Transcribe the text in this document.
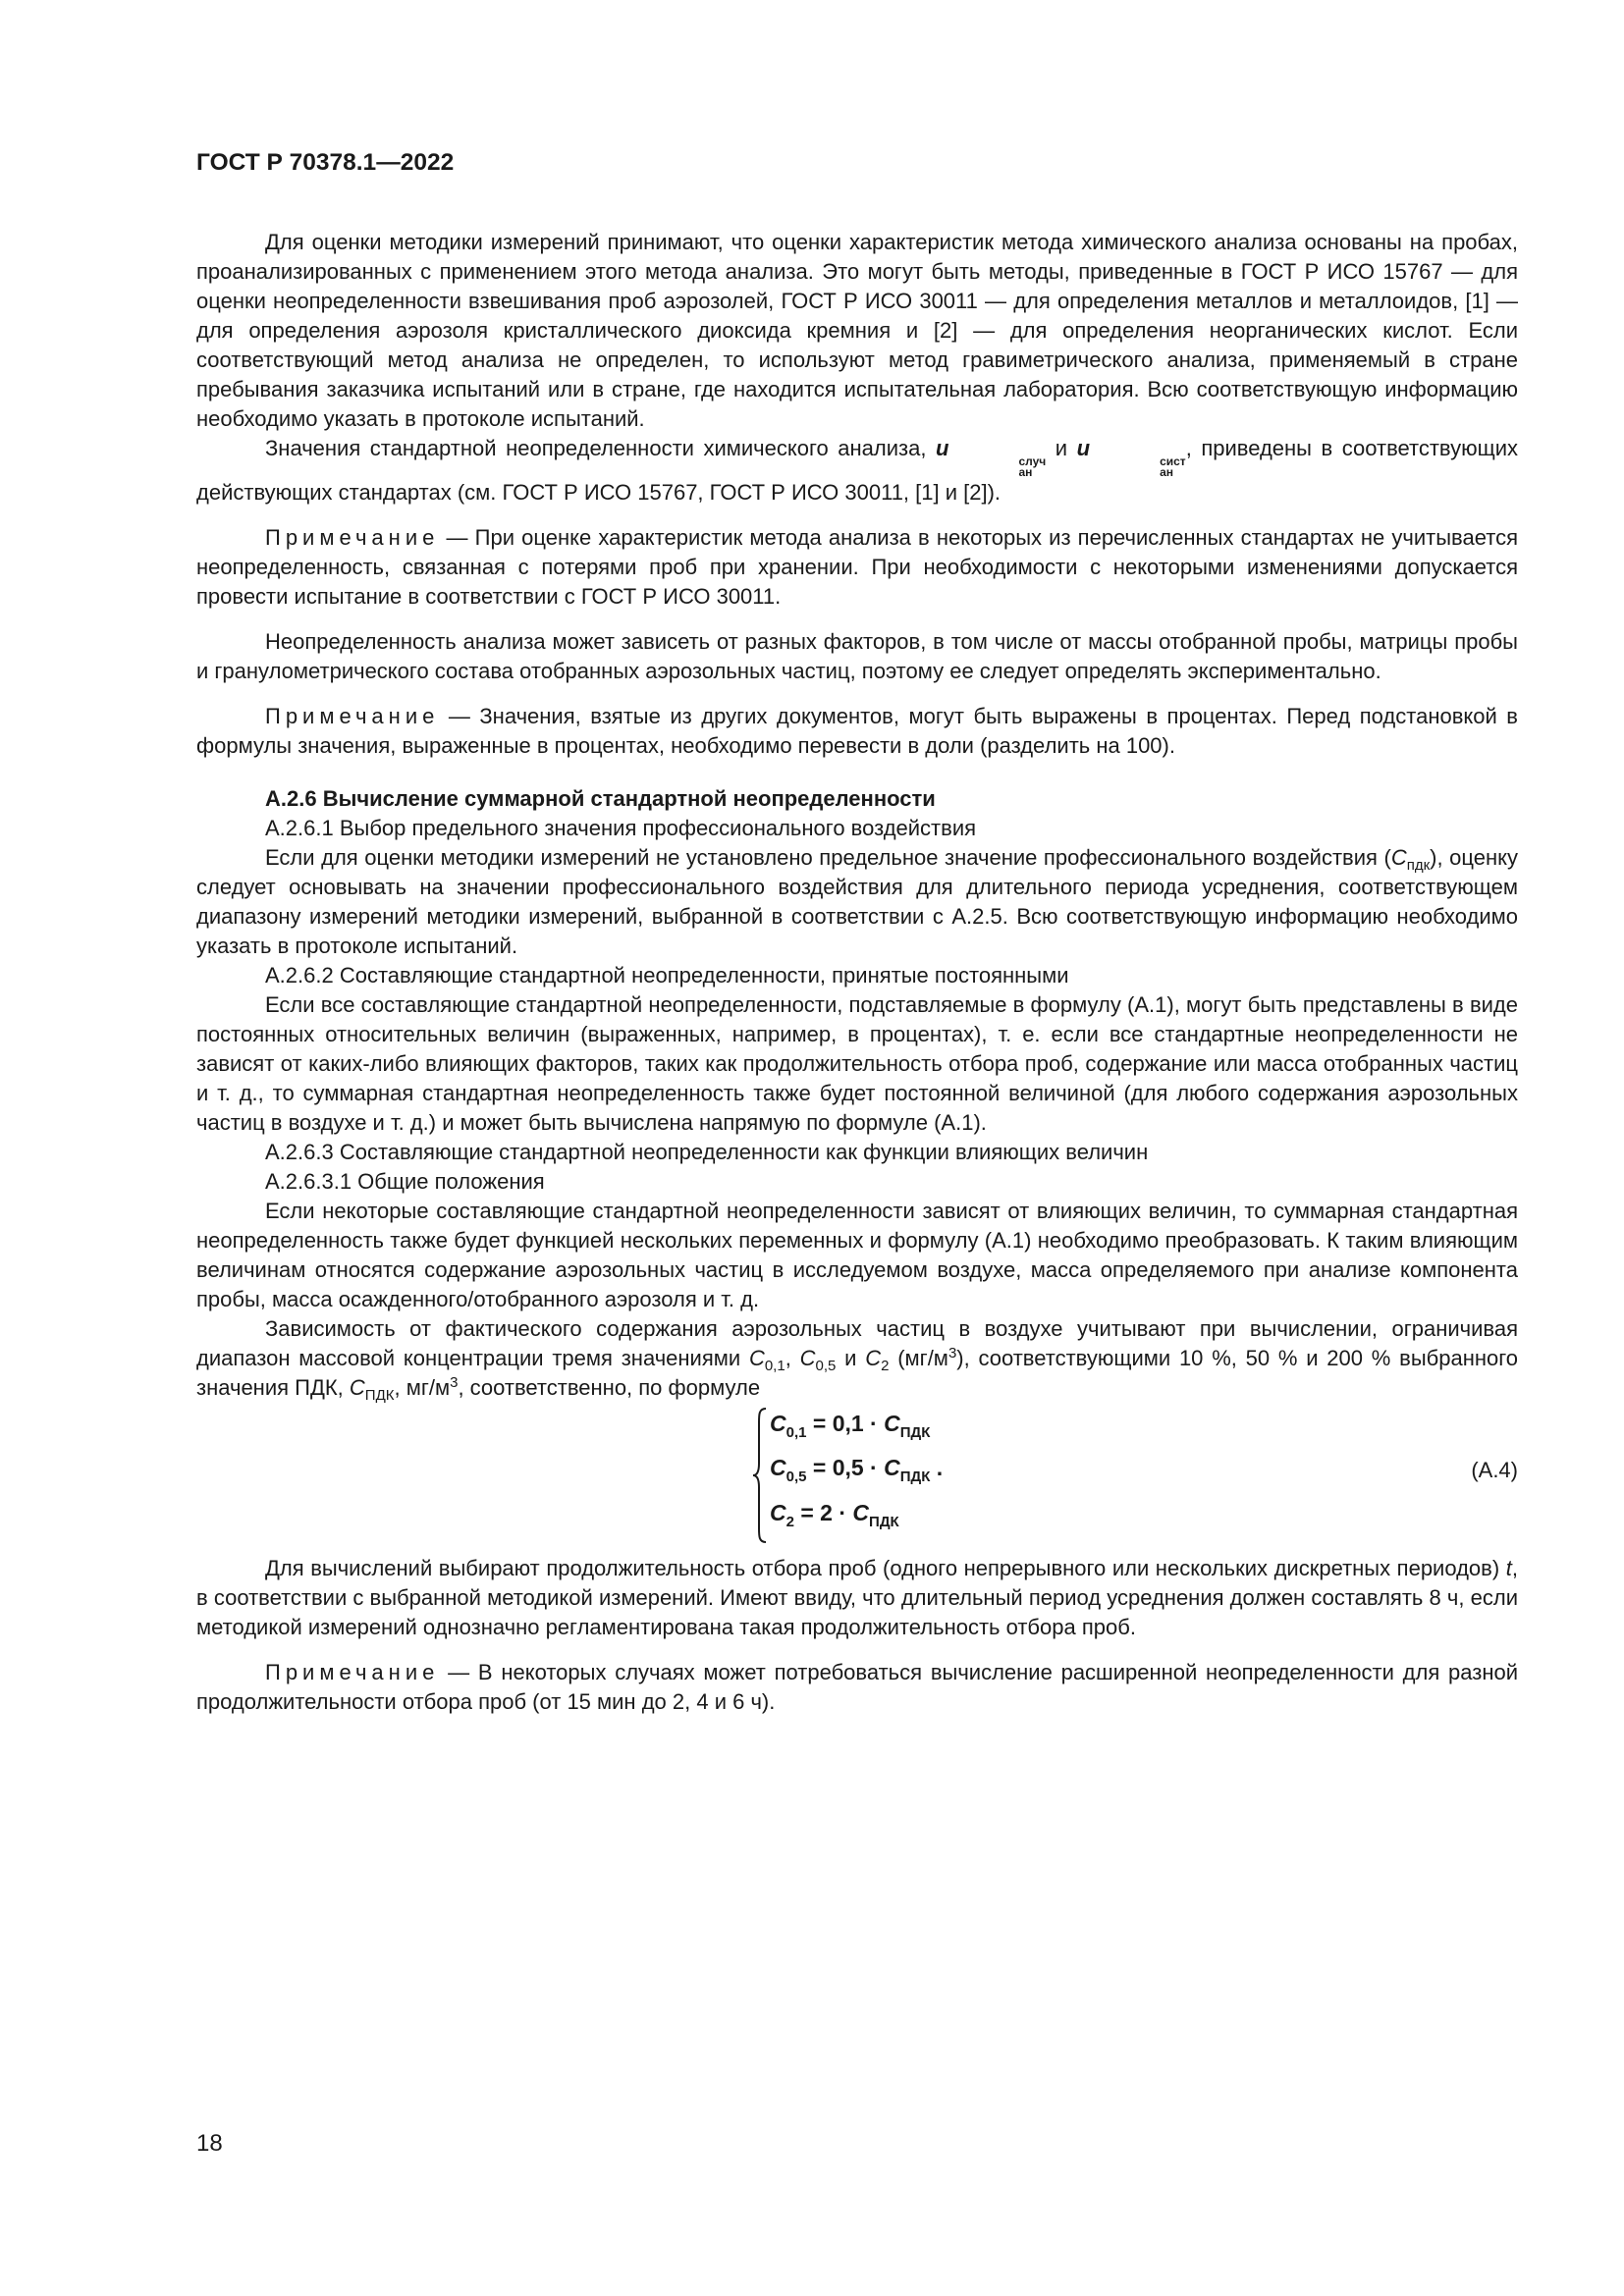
ГОСТ Р 70378.1—2022

Для оценки методики измерений принимают, что оценки характеристик метода химического анализа основаны на пробах, проанализированных с применением этого метода анализа. Это могут быть методы, приведенные в ГОСТ Р ИСО 15767 — для оценки неопределенности взвешивания проб аэрозолей, ГОСТ Р ИСО 30011 — для определения металлов и металлоидов, [1] — для определения аэрозоля кристаллического диоксида кремния и [2] — для определения неорганических кислот. Если соответствующий метод анализа не определен, то используют метод гравиметрического анализа, применяемый в стране пребывания заказчика испытаний или в стране, где находится испытательная лаборатория. Всю соответствующую информацию необходимо указать в протоколе испытаний.

Значения стандартной неопределенности химического анализа, u
случ
ан
и u
сист
ан
, приведены в соответствующих действующих стандартах (см. ГОСТ Р ИСО 15767, ГОСТ Р ИСО 30011, [1] и [2]).

Примечание — При оценке характеристик метода анализа в некоторых из перечисленных стандартах не учитывается неопределенность, связанная с потерями проб при хранении. При необходимости с некоторыми изменениями допускается провести испытание в соответствии с ГОСТ Р ИСО 30011.

Неопределенность анализа может зависеть от разных факторов, в том числе от массы отобранной пробы, матрицы пробы и гранулометрического состава отобранных аэрозольных частиц, поэтому ее следует определять экспериментально.

Примечание — Значения, взятые из других документов, могут быть выражены в процентах. Перед подстановкой в формулы значения, выраженные в процентах, необходимо перевести в доли (разделить на 100).

А.2.6 Вычисление суммарной стандартной неопределенности

А.2.6.1 Выбор предельного значения профессионального воздействия

Если для оценки методики измерений не установлено предельное значение профессионального воздействия $(С_{пдк})$, оценку следует основывать на значении профессионального воздействия для длительного периода усреднения, соответствующем диапазону измерений методики измерений, выбранной в соответствии с А.2.5. Всю соответствующую информацию необходимо указать в протоколе испытаний.

А.2.6.2 Составляющие стандартной неопределенности, принятые постоянными

Если все составляющие стандартной неопределенности, подставляемые в формулу (А.1), могут быть представлены в виде постоянных относительных величин (выраженных, например, в процентах), т. е. если все стандартные неопределенности не зависят от каких-либо влияющих факторов, таких как продолжительность отбора проб, содержание или масса отобранных частиц и т. д., то суммарная стандартная неопределенность также будет постоянной величиной (для любого содержания аэрозольных частиц в воздухе и т. д.) и может быть вычислена напрямую по формуле (А.1).

А.2.6.3 Составляющие стандартной неопределенности как функции влияющих величин

А.2.6.3.1 Общие положения

Если некоторые составляющие стандартной неопределенности зависят от влияющих величин, то суммарная стандартная неопределенность также будет функцией нескольких переменных и формулу (А.1) необходимо преобразовать. К таким влияющим величинам относятся содержание аэрозольных частиц в исследуемом воздухе, масса определяемого при анализе компонента пробы, масса осажденного/отобранного аэрозоля и т. д.

Зависимость от фактического содержания аэрозольных частиц в воздухе учитывают при вычислении, ограничивая диапазон массовой концентрации тремя значениями $С_{0,1}$, $С_{0,5}$ и $С_2$ $(мг/м^3)$, соответствующими 10 %, 50 % и 200 % выбранного значения ПДК, $С_{ПДК}$, $мг/м^3$, соответственно, по формуле

$C_{0,1} = 0,1 \cdot C_{ПДК}$
$C_{0,5} = 0,5 \cdot C_{ПДК}$ .
$C_2 = 2 \cdot C_{ПДК}$
(А.4)

Для вычислений выбирают продолжительность отбора проб (одного непрерывного или нескольких дискретных периодов) t, в соответствии с выбранной методикой измерений. Имеют ввиду, что длительный период усреднения должен составлять 8 ч, если методикой измерений однозначно регламентирована такая продолжительность отбора проб.

Примечание — В некоторых случаях может потребоваться вычисление расширенной неопределенности для разной продолжительности отбора проб (от 15 мин до 2, 4 и 6 ч).

18
